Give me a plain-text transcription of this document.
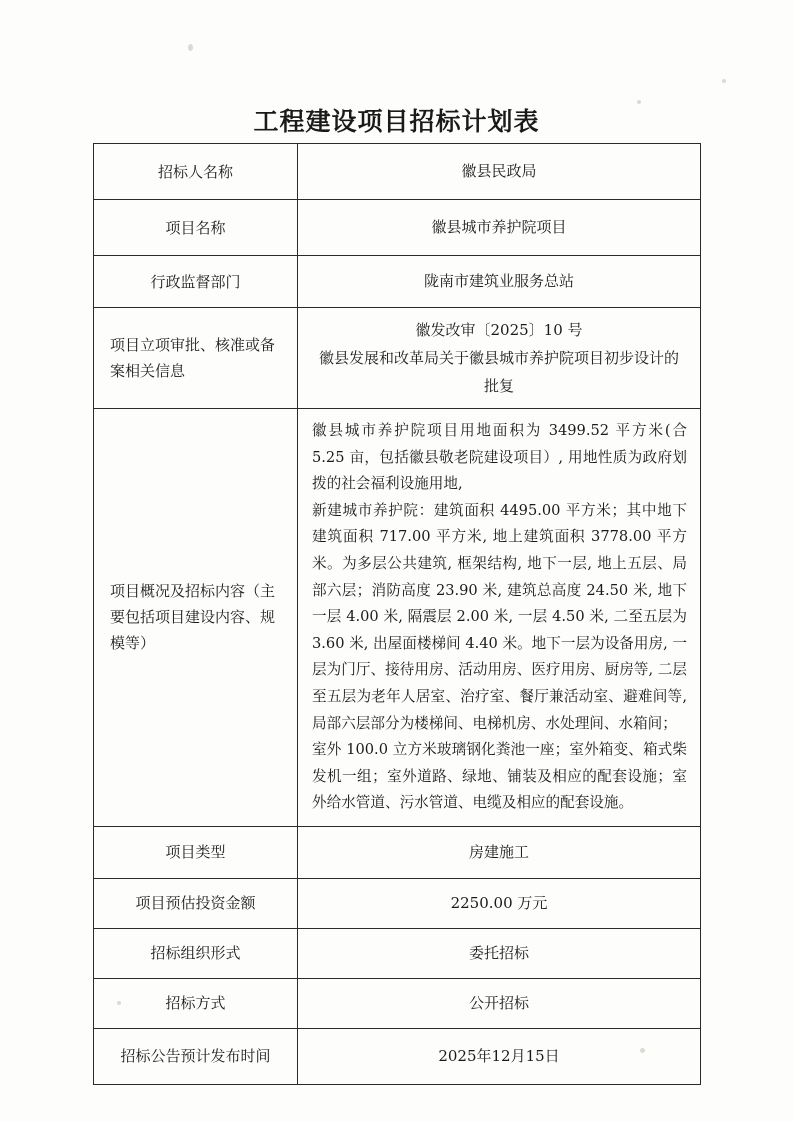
工程建设项目招标计划表
招标人名称	徽县民政局
项目名称	徽县城市养护院项目
行政监督部门	陇南市建筑业服务总站
项目立项审批、核准或备案相关信息	徽发改审〔2025〕10 号

徽县发展和改革局关于徽县城市养护院项目初步设计的批复

项目概况及招标内容（主要包括项目建设内容、规模等）	徽县城市养护院项目用地面积为 3499.52 平方米(合 5.25 亩，包括徽县敬老院建设项目）, 用地性质为政府划拨的社会福利设施用地,

新建城市养护院：建筑面积 4495.00 平方米；其中地下建筑面积 717.00 平方米, 地上建筑面积 3778.00 平方米。为多层公共建筑, 框架结构, 地下一层, 地上五层、局部六层；消防高度 23.90 米, 建筑总高度 24.50 米, 地下一层 4.00 米, 隔震层 2.00 米, 一层 4.50 米, 二至五层为 3.60 米, 出屋面楼梯间 4.40 米。地下一层为设备用房, 一层为门厅、接待用房、活动用房、医疗用房、厨房等, 二层至五层为老年人居室、治疗室、餐厅兼活动室、避难间等, 局部六层部分为楼梯间、电梯机房、水处理间、水箱间；

室外 100.0 立方米玻璃钢化粪池一座；室外箱变、箱式柴发机一组；室外道路、绿地、铺装及相应的配套设施；室外给水管道、污水管道、电缆及相应的配套设施。

项目类型	房建施工
项目预估投资金额	2250.00 万元
招标组织形式	委托招标
招标方式	公开招标
招标公告预计发布时间	2025年12月15日
